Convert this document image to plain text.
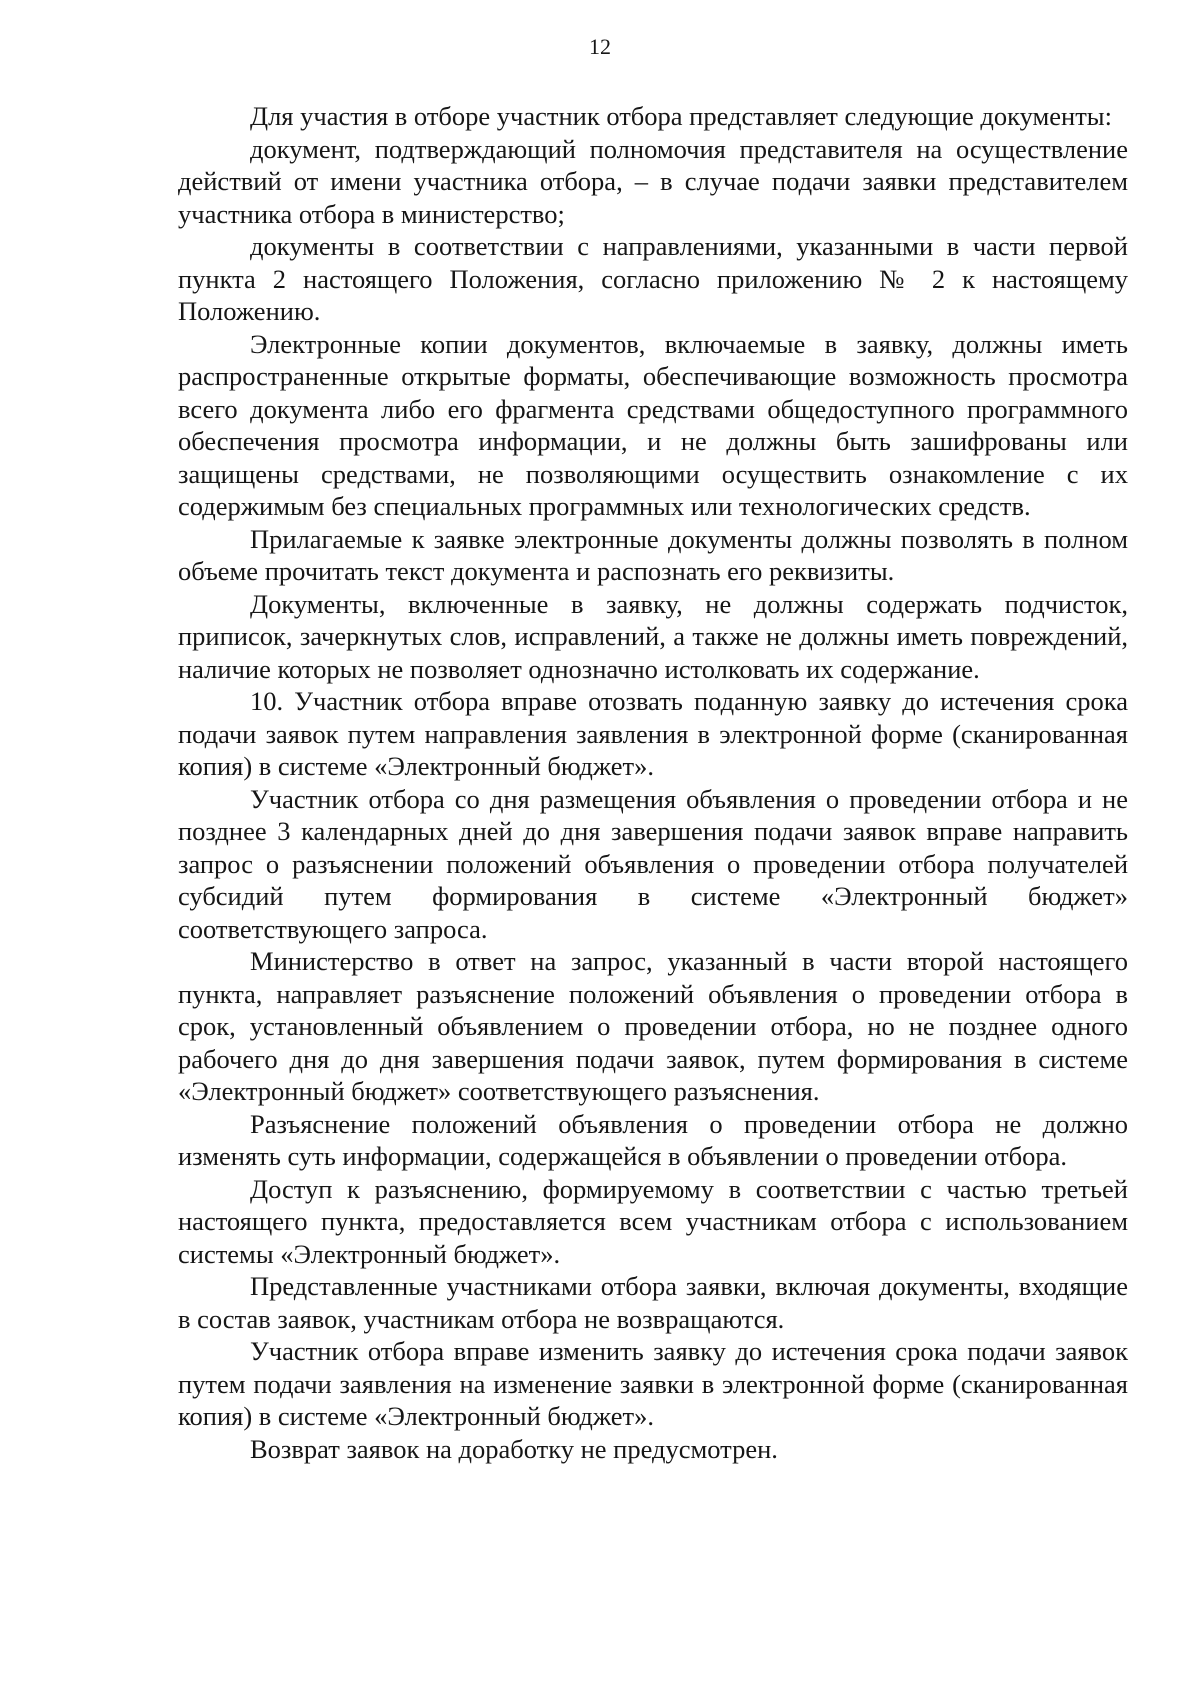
12

Для участия в отборе участник отбора представляет следующие документы:

документ, подтверждающий полномочия представителя на осуществление действий от имени участника отбора, – в случае подачи заявки представителем участника отбора в министерство;

документы в соответствии с направлениями, указанными в части первой пункта 2 настоящего Положения, согласно приложению № 2 к настоящему Положению.

Электронные копии документов, включаемые в заявку, должны иметь распространенные открытые форматы, обеспечивающие возможность просмотра всего документа либо его фрагмента средствами общедоступного программного обеспечения просмотра информации, и не должны быть зашифрованы или защищены средствами, не позволяющими осуществить ознакомление с их содержимым без специальных программных или технологических средств.

Прилагаемые к заявке электронные документы должны позволять в полном объеме прочитать текст документа и распознать его реквизиты.

Документы, включенные в заявку, не должны содержать подчисток, приписок, зачеркнутых слов, исправлений, а также не должны иметь повреждений, наличие которых не позволяет однозначно истолковать их содержание.

10. Участник отбора вправе отозвать поданную заявку до истечения срока подачи заявок путем направления заявления в электронной форме (сканированная копия) в системе «Электронный бюджет».

Участник отбора со дня размещения объявления о проведении отбора и не позднее 3 календарных дней до дня завершения подачи заявок вправе направить запрос о разъяснении положений объявления о проведении отбора получателей субсидий путем формирования в системе «Электронный бюджет» соответствующего запроса.

Министерство в ответ на запрос, указанный в части второй настоящего пункта, направляет разъяснение положений объявления о проведении отбора в срок, установленный объявлением о проведении отбора, но не позднее одного рабочего дня до дня завершения подачи заявок, путем формирования в системе «Электронный бюджет» соответствующего разъяснения.

Разъяснение положений объявления о проведении отбора не должно изменять суть информации, содержащейся в объявлении о проведении отбора.

Доступ к разъяснению, формируемому в соответствии с частью третьей настоящего пункта, предоставляется всем участникам отбора с использованием системы «Электронный бюджет».

Представленные участниками отбора заявки, включая документы, входящие в состав заявок, участникам отбора не возвращаются.

Участник отбора вправе изменить заявку до истечения срока подачи заявок путем подачи заявления на изменение заявки в электронной форме (сканированная копия) в системе «Электронный бюджет».

Возврат заявок на доработку не предусмотрен.
